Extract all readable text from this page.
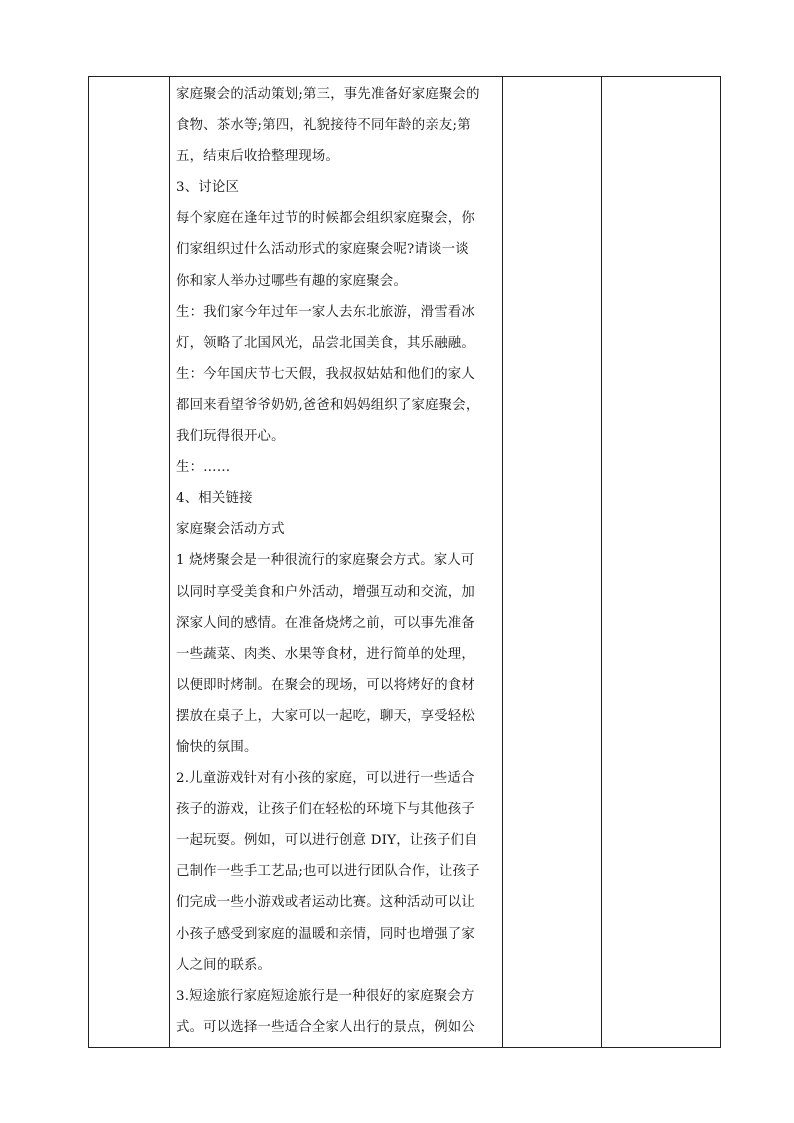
家庭聚会的活动策划;第三，事先准备好家庭聚会的
食物、茶水等;第四，礼貌接待不同年龄的亲友;第
五，结束后收拾整理现场。
3、讨论区
每个家庭在逢年过节的时候都会组织家庭聚会，你
们家组织过什么活动形式的家庭聚会呢?请谈一谈
你和家人举办过哪些有趣的家庭聚会。
生：我们家今年过年一家人去东北旅游，滑雪看冰
灯，领略了北国风光，品尝北国美食，其乐融融。
生：今年国庆节七天假，我叔叔姑姑和他们的家人
都回来看望爷爷奶奶,爸爸和妈妈组织了家庭聚会，
我们玩得很开心。
生：……
4、相关链接
家庭聚会活动方式
1 烧烤聚会是一种很流行的家庭聚会方式。家人可
以同时享受美食和户外活动，增强互动和交流，加
深家人间的感情。在准备烧烤之前，可以事先准备
一些蔬菜、肉类、水果等食材，进行简单的处理，
以便即时烤制。在聚会的现场，可以将烤好的食材
摆放在桌子上，大家可以一起吃，聊天，享受轻松
愉快的氛围。
2.儿童游戏针对有小孩的家庭，可以进行一些适合
孩子的游戏，让孩子们在轻松的环境下与其他孩子
一起玩耍。例如，可以进行创意 DIY，让孩子们自
己制作一些手工艺品;也可以进行团队合作，让孩子
们完成一些小游戏或者运动比赛。这种活动可以让
小孩子感受到家庭的温暖和亲情，同时也增强了家
人之间的联系。
3.短途旅行家庭短途旅行是一种很好的家庭聚会方
式。可以选择一些适合全家人出行的景点，例如公
